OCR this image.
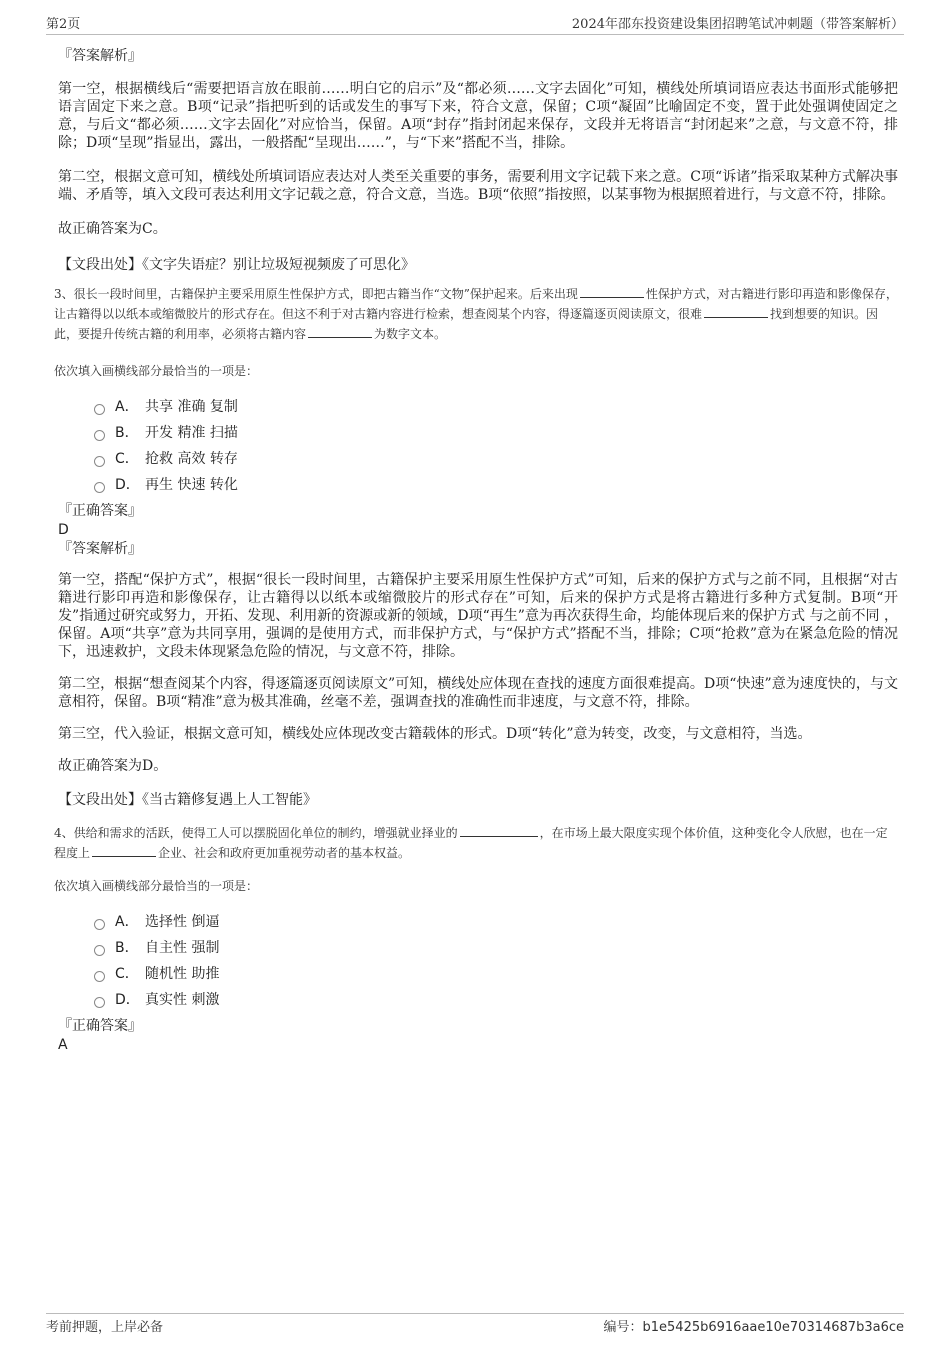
第2页	2024年邵东投资建设集团招聘笔试冲刺题（带答案解析）

『答案解析』

第一空，根据横线后“需要把语言放在眼前……明白它的启示”及“都必须……文字去固化”可知，横线处所填词语应表达书面形式能够把语言固定下来之意。B项“记录”指把听到的话或发生的事写下来，符合文意，保留；C项“凝固”比喻固定不变，置于此处强调使固定之意，与后文“都必须……文字去固化”对应恰当，保留。A项“封存”指封闭起来保存，文段并无将语言“封闭起来”之意，与文意不符，排除；D项“呈现”指显出，露出，一般搭配“呈现出……”，与“下来”搭配不当，排除。

第二空，根据文意可知，横线处所填词语应表达对人类至关重要的事务，需要利用文字记载下来之意。C项“诉诸”指采取某种方式解决事端、矛盾等，填入文段可表达利用文字记载之意，符合文意，当选。B项“依照”指按照，以某事物为根据照着进行，与文意不符，排除。

故正确答案为C。

【文段出处】《文字失语症？别让垃圾短视频废了可思化》

3、很长一段时间里，古籍保护主要采用原生性保护方式，即把古籍当作“文物”保护起来。后来出现	性保护方式，对古籍进行影印再造和影像保存，让古籍得以以纸本或缩微胶片的形式存在。但这不利于对古籍内容进行检索，想查阅某个内容，得逐篇逐页阅读原文，很难	找到想要的知识。因此，要提升传统古籍的利用率，必须将古籍内容	为数字文本。

依次填入画横线部分最恰当的一项是：

A． 共享 准确 复制
B． 开发 精准 扫描
C． 抢救 高效 转存
D． 再生 快速 转化

『正确答案』

D

『答案解析』

第一空，搭配“保护方式”，根据“很长一段时间里，古籍保护主要采用原生性保护方式”可知，后来的保护方式与之前不同，且根据“对古籍进行影印再造和影像保存，让古籍得以以纸本或缩微胶片的形式存在”可知，后来的保护方式是将古籍进行多种方式复制。B项“开发”指通过研究或努力，开拓、发现、利用新的资源或新的领域，D项“再生”意为再次获得生命，均能体现后来的保护方式 与之前不同 ，保留。A项“共享”意为共同享用，强调的是使用方式，而非保护方式，与“保护方式”搭配不当，排除；C项“抢救”意为在紧急危险的情况下，迅速救护，文段未体现紧急危险的情况，与文意不符，排除。

第二空，根据“想查阅某个内容，得逐篇逐页阅读原文”可知，横线处应体现在查找的速度方面很难提高。D项“快速”意为速度快的，与文意相符，保留。B项“精准”意为极其准确，丝毫不差，强调查找的准确性而非速度，与文意不符，排除。

第三空，代入验证，根据文意可知，横线处应体现改变古籍载体的形式。D项“转化”意为转变，改变，与文意相符，当选。

故正确答案为D。

【文段出处】《当古籍修复遇上人工智能》

4、供给和需求的活跃，使得工人可以摆脱固化单位的制约，增强就业择业的	，在市场上最大限度实现个体价值，这种变化令人欣慰，也在一定程度上	企业、社会和政府更加重视劳动者的基本权益。

依次填入画横线部分最恰当的一项是：

A． 选择性 倒逼
B． 自主性 强制
C． 随机性 助推
D． 真实性 刺激

『正确答案』

A

考前押题，上岸必备	编号：b1e5425b6916aae10e70314687b3a6ce
